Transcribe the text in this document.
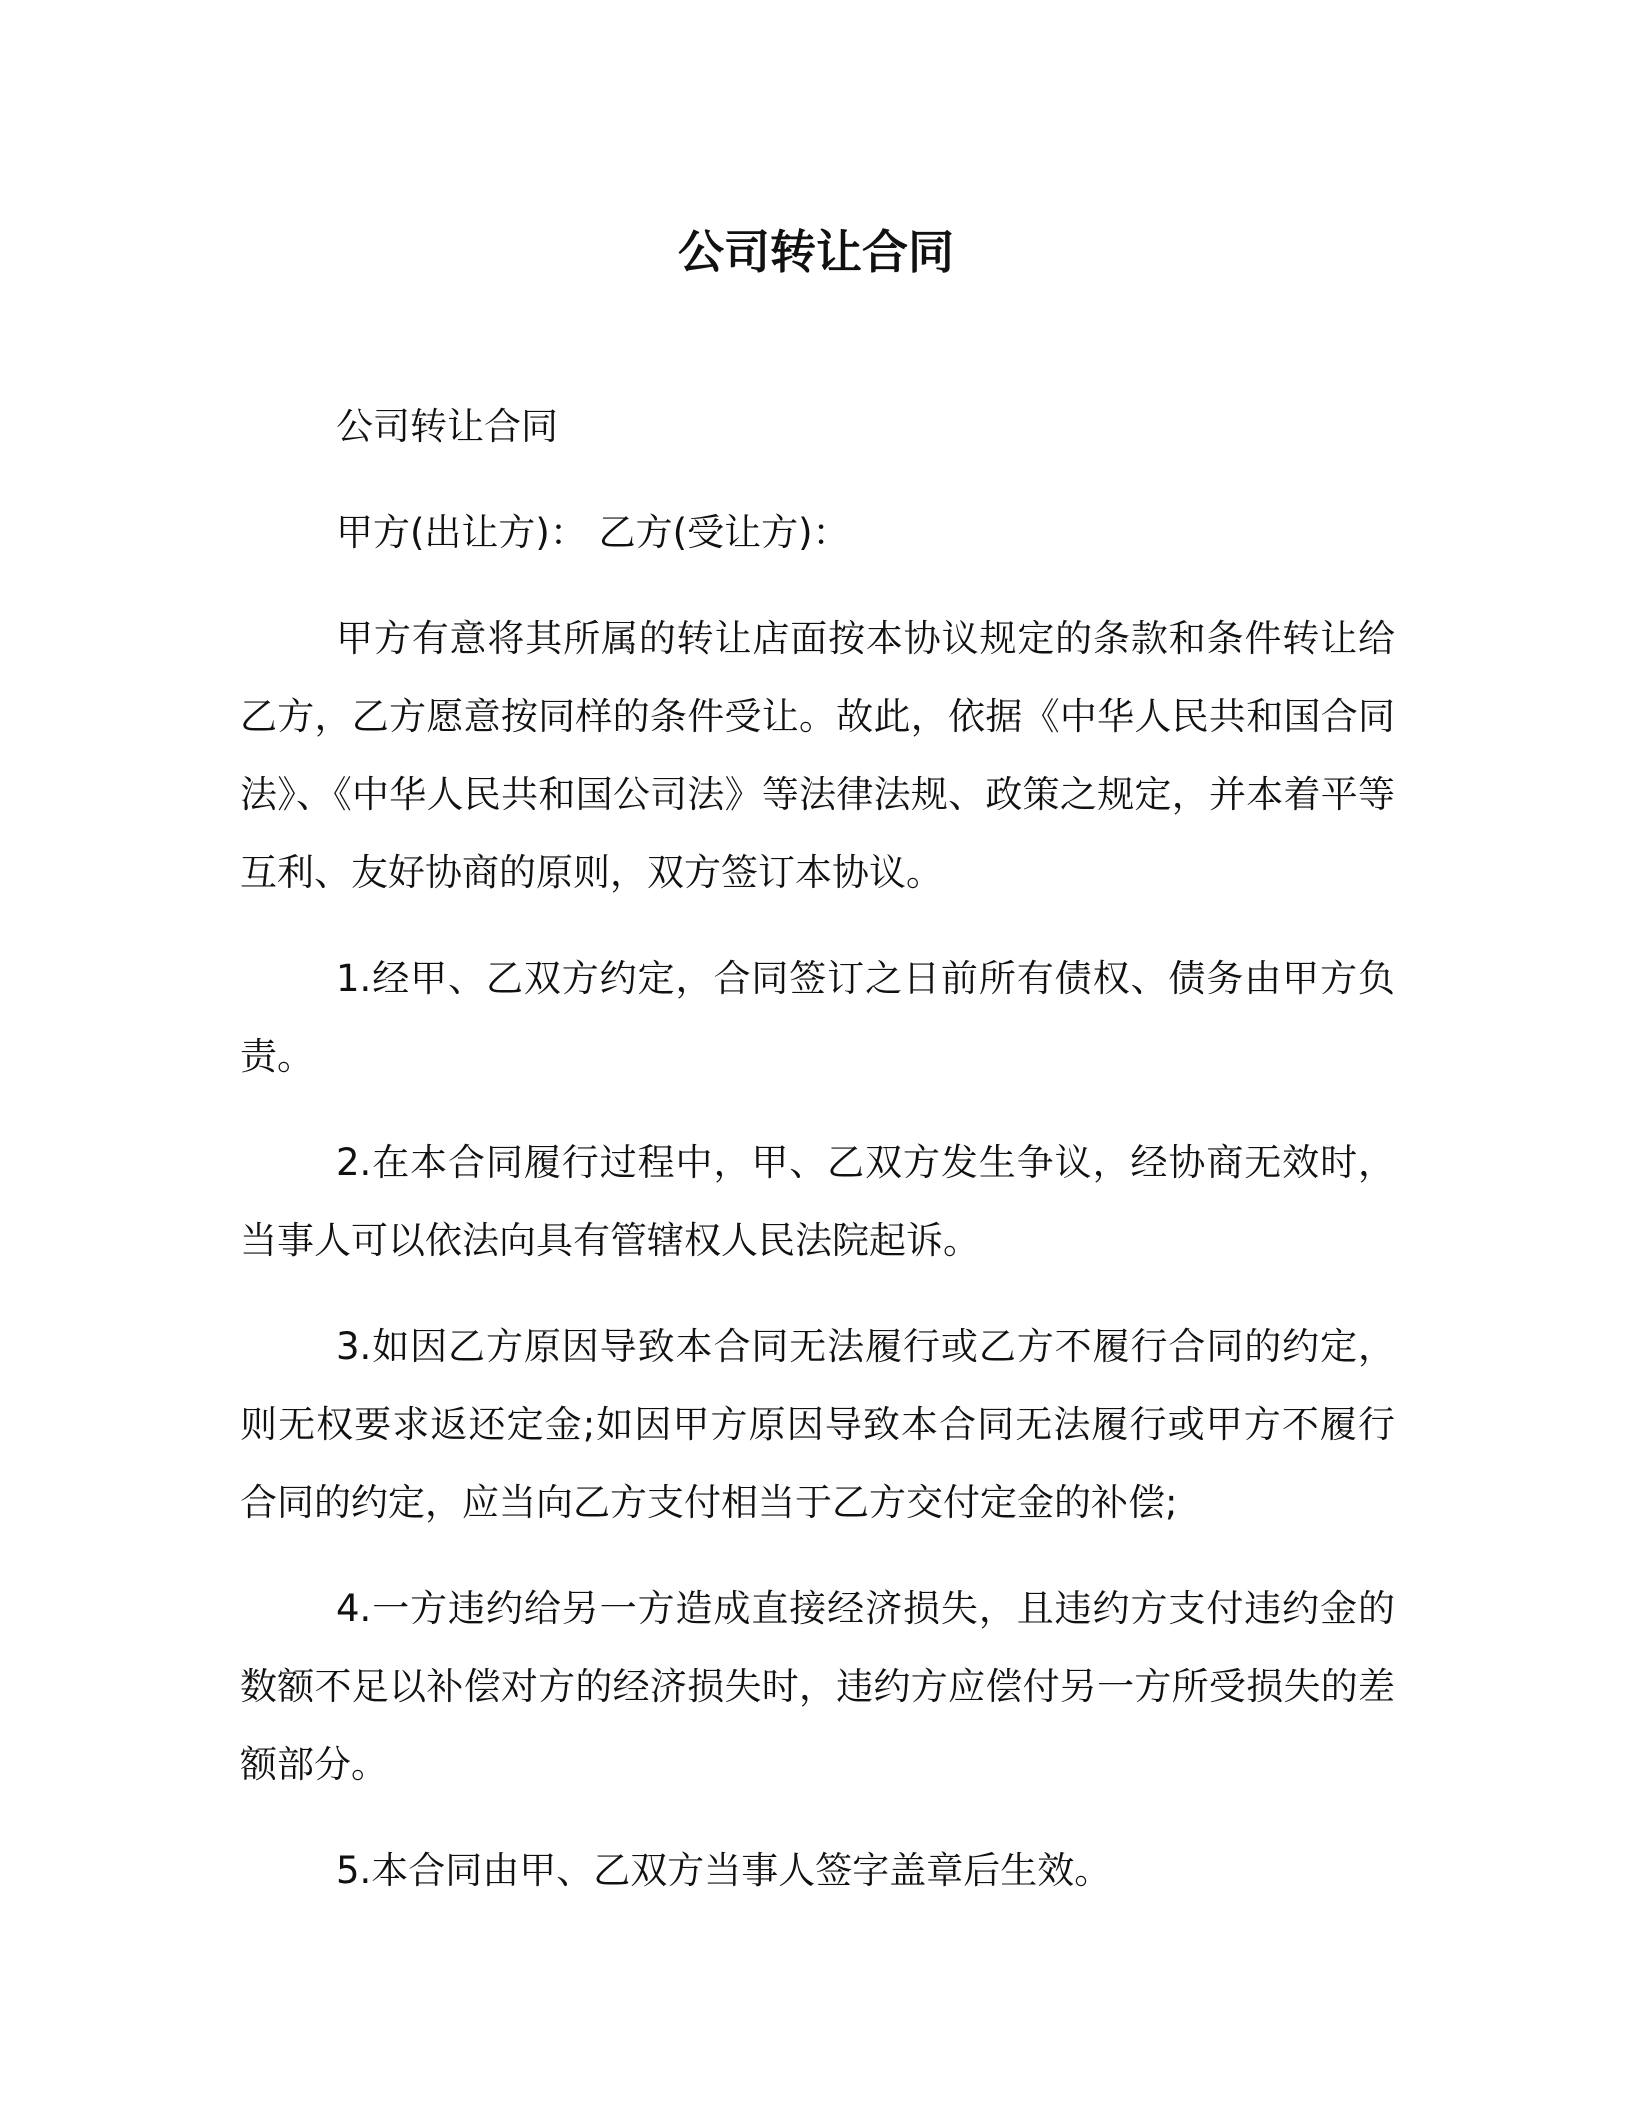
公司转让合同

公司转让合同

甲方(出让方)： 乙方(受让方)：

甲方有意将其所属的转让店面按本协议规定的条款和条件转让给乙方，乙方愿意按同样的条件受让。故此，依据《中华人民共和国合同法》、《中华人民共和国公司法》等法律法规、政策之规定，并本着平等互利、友好协商的原则，双方签订本协议。

1.经甲、乙双方约定，合同签订之日前所有债权、债务由甲方负责。

2.在本合同履行过程中，甲、乙双方发生争议，经协商无效时，当事人可以依法向具有管辖权人民法院起诉。

3.如因乙方原因导致本合同无法履行或乙方不履行合同的约定，则无权要求返还定金;如因甲方原因导致本合同无法履行或甲方不履行合同的约定，应当向乙方支付相当于乙方交付定金的补偿;

4.一方违约给另一方造成直接经济损失，且违约方支付违约金的数额不足以补偿对方的经济损失时，违约方应偿付另一方所受损失的差额部分。

5.本合同由甲、乙双方当事人签字盖章后生效。
